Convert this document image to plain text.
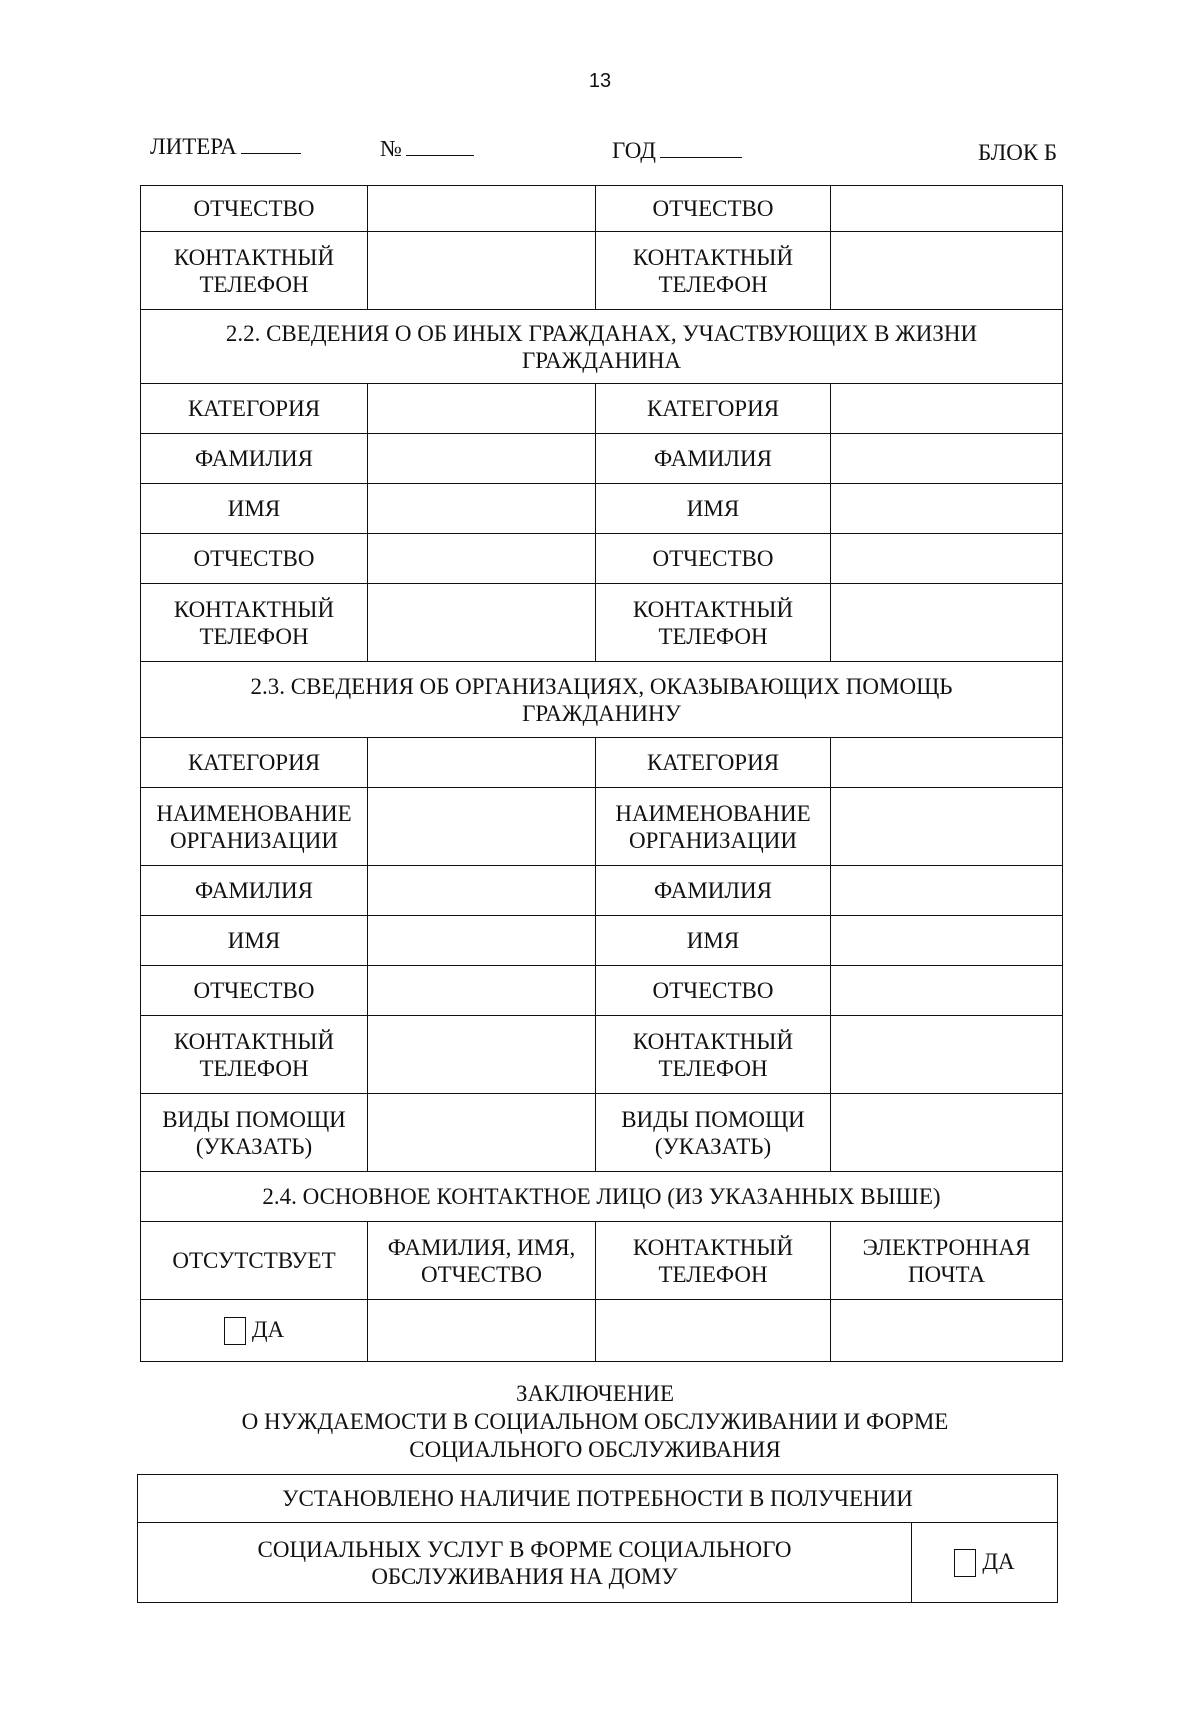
13
ЛИТЕРА	№	ГОД	БЛОК Б
ОТЧЕСТВО		ОТЧЕСТВО	
КОНТАКТНЫЙ ТЕЛЕФОН		КОНТАКТНЫЙ ТЕЛЕФОН	
2.2. СВЕДЕНИЯ О ОБ ИНЫХ ГРАЖДАНАХ, УЧАСТВУЮЩИХ В ЖИЗНИ ГРАЖДАНИНА			
КАТЕГОРИЯ		КАТЕГОРИЯ	
ФАМИЛИЯ		ФАМИЛИЯ	
ИМЯ		ИМЯ	
ОТЧЕСТВО		ОТЧЕСТВО	
КОНТАКТНЫЙ ТЕЛЕФОН		КОНТАКТНЫЙ ТЕЛЕФОН	
2.3. СВЕДЕНИЯ ОБ ОРГАНИЗАЦИЯХ, ОКАЗЫВАЮЩИХ ПОМОЩЬ ГРАЖДАНИНУ			
КАТЕГОРИЯ		КАТЕГОРИЯ	
НАИМЕНОВАНИЕ ОРГАНИЗАЦИИ		НАИМЕНОВАНИЕ ОРГАНИЗАЦИИ	
ФАМИЛИЯ		ФАМИЛИЯ	
ИМЯ		ИМЯ	
ОТЧЕСТВО		ОТЧЕСТВО	
КОНТАКТНЫЙ ТЕЛЕФОН		КОНТАКТНЫЙ ТЕЛЕФОН	
ВИДЫ ПОМОЩИ (УКАЗАТЬ)		ВИДЫ ПОМОЩИ (УКАЗАТЬ)	
2.4. ОСНОВНОЕ КОНТАКТНОЕ ЛИЦО (ИЗ УКАЗАННЫХ ВЫШЕ)			
ОТСУТСТВУЕТ	ФАМИЛИЯ, ИМЯ, ОТЧЕСТВО	КОНТАКТНЫЙ ТЕЛЕФОН	ЭЛЕКТРОННАЯ ПОЧТА
ДА			
ЗАКЛЮЧЕНИЕ
О НУЖДАЕМОСТИ В СОЦИАЛЬНОМ ОБСЛУЖИВАНИИ И ФОРМЕ
СОЦИАЛЬНОГО ОБСЛУЖИВАНИЯ
УСТАНОВЛЕНО НАЛИЧИЕ ПОТРЕБНОСТИ В ПОЛУЧЕНИИ
СОЦИАЛЬНЫХ УСЛУГ В ФОРМЕ СОЦИАЛЬНОГО ОБСЛУЖИВАНИЯ НА ДОМУ	ДА
